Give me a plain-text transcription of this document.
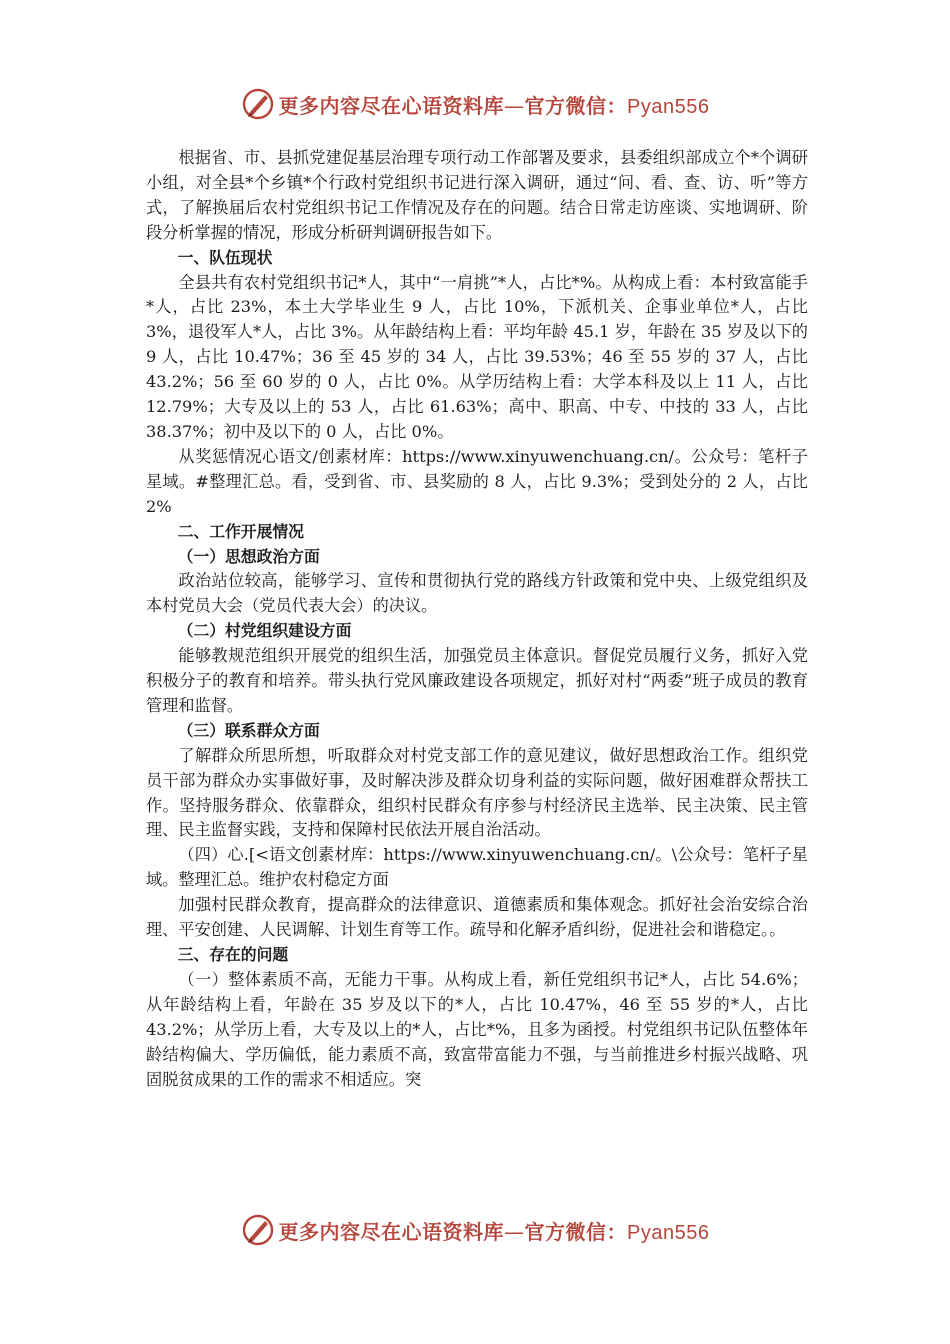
更多内容尽在心语资料库—官方微信：Pyan556

根据省、市、县抓党建促基层治理专项行动工作部署及要求，县委组织部成立个*个调研小组，对全县*个乡镇*个行政村党组织书记进行深入调研，通过“问、看、查、访、听”等方式，了解换届后农村党组织书记工作情况及存在的问题。结合日常走访座谈、实地调研、阶段分析掌握的情况，形成分析研判调研报告如下。

一、队伍现状

全县共有农村党组织书记*人，其中“一肩挑”*人，占比*%。从构成上看：本村致富能手*人，占比 23%，本土大学毕业生 9 人，占比 10%，下派机关、企事业单位*人，占比 3%，退役军人*人，占比 3%。从年龄结构上看：平均年龄 45.1 岁，年龄在 35 岁及以下的 9 人，占比 10.47%；36 至 45 岁的 34 人，占比 39.53%；46 至 55 岁的 37 人，占比 43.2%；56 至 60 岁的 0 人，占比 0%。从学历结构上看：大学本科及以上 11 人，占比 12.79%；大专及以上的 53 人，占比 61.63%；高中、职高、中专、中技的 33 人，占比 38.37%；初中及以下的 0 人，占比 0%。

从奖惩情况心语文/创素材库：https://www.xinyuwenchuang.cn/。公众号：笔杆子星域。#整理汇总。看，受到省、市、县奖励的 8 人，占比 9.3%；受到处分的 2 人，占比 2%

二、工作开展情况

（一）思想政治方面

政治站位较高，能够学习、宣传和贯彻执行党的路线方针政策和党中央、上级党组织及本村党员大会（党员代表大会）的决议。

（二）村党组织建设方面

能够教规范组织开展党的组织生活，加强党员主体意识。督促党员履行义务，抓好入党积极分子的教育和培养。带头执行党风廉政建设各项规定，抓好对村“两委”班子成员的教育管理和监督。

（三）联系群众方面

了解群众所思所想，听取群众对村党支部工作的意见建议，做好思想政治工作。组织党员干部为群众办实事做好事，及时解决涉及群众切身利益的实际问题，做好困难群众帮扶工作。坚持服务群众、依靠群众，组织村民群众有序参与村经济民主选举、民主决策、民主管理、民主监督实践，支持和保障村民依法开展自治活动。

（四）心.[<语文创素材库：https://www.xinyuwenchuang.cn/。\公众号：笔杆子星域。整理汇总。维护农村稳定方面

加强村民群众教育，提高群众的法律意识、道德素质和集体观念。抓好社会治安综合治理、平安创建、人民调解、计划生育等工作。疏导和化解矛盾纠纷，促进社会和谐稳定。。

三、存在的问题

（一）整体素质不高，无能力干事。从构成上看，新任党组织书记*人，占比 54.6%；从年龄结构上看，年龄在 35 岁及以下的*人，占比 10.47%，46 至 55 岁的*人，占比 43.2%；从学历上看，大专及以上的*人，占比*%，且多为函授。村党组织书记队伍整体年龄结构偏大、学历偏低，能力素质不高，致富带富能力不强，与当前推进乡村振兴战略、巩固脱贫成果的工作的需求不相适应。突

更多内容尽在心语资料库—官方微信：Pyan556
